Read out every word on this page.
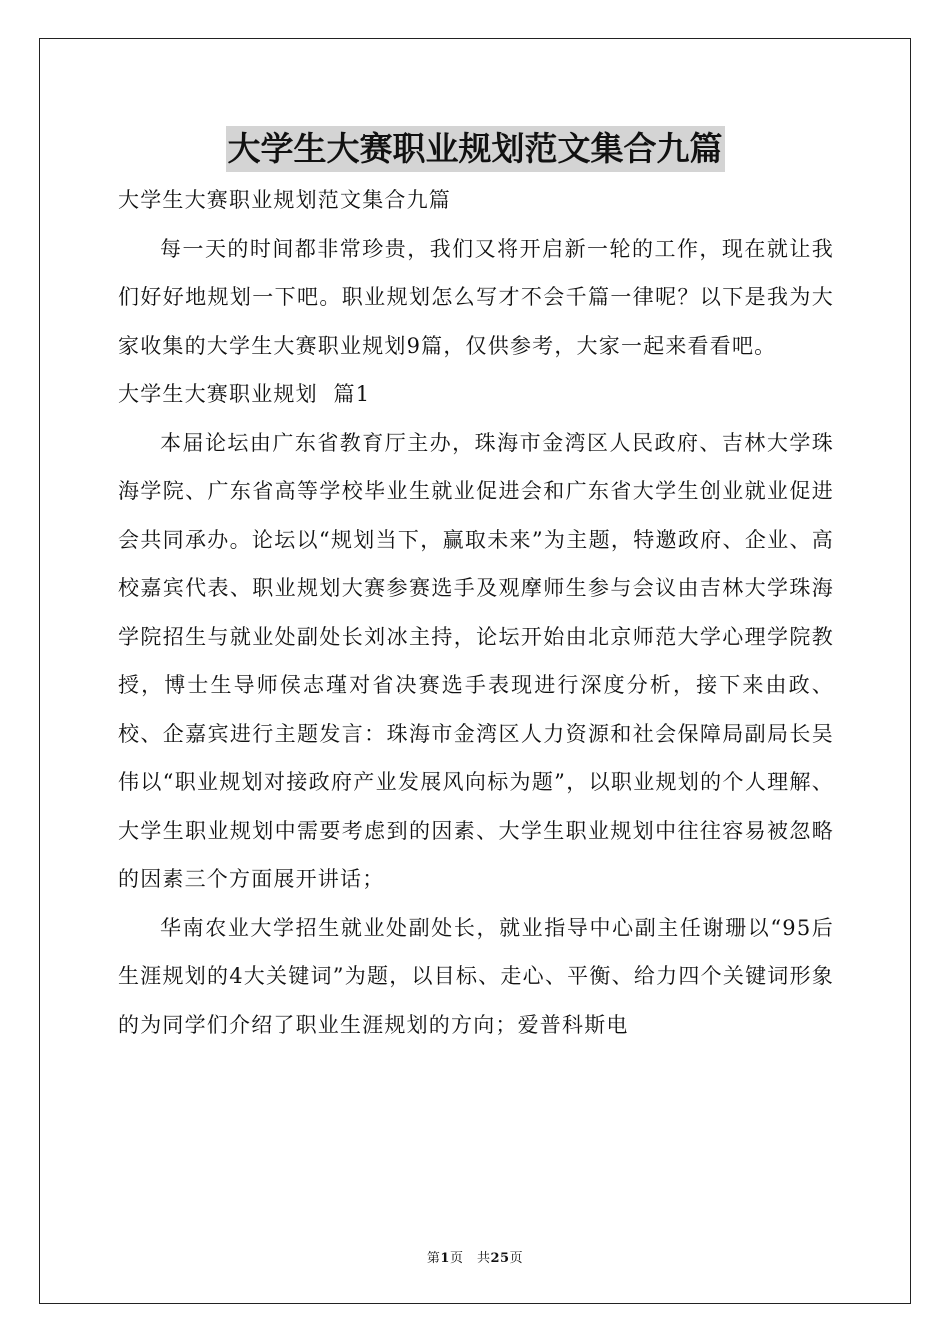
大学生大赛职业规划范文集合九篇

大学生大赛职业规划范文集合九篇

每一天的时间都非常珍贵，我们又将开启新一轮的工作，现在就让我们好好地规划一下吧。职业规划怎么写才不会千篇一律呢？以下是我为大家收集的大学生大赛职业规划9篇，仅供参考，大家一起来看看吧。

大学生大赛职业规划  篇1

本届论坛由广东省教育厅主办，珠海市金湾区人民政府、吉林大学珠海学院、广东省高等学校毕业生就业促进会和广东省大学生创业就业促进会共同承办。论坛以“规划当下，赢取未来”为主题，特邀政府、企业、高校嘉宾代表、职业规划大赛参赛选手及观摩师生参与会议由吉林大学珠海学院招生与就业处副处长刘冰主持，论坛开始由北京师范大学心理学院教授，博士生导师侯志瑾对省决赛选手表现进行深度分析，接下来由政、校、企嘉宾进行主题发言：珠海市金湾区人力资源和社会保障局副局长吴伟以“职业规划对接政府产业发展风向标为题”，以职业规划的个人理解、大学生职业规划中需要考虑到的因素、大学生职业规划中往往容易被忽略的因素三个方面展开讲话；

华南农业大学招生就业处副处长，就业指导中心副主任谢珊以“95后生涯规划的4大关键词”为题，以目标、走心、平衡、给力四个关键词形象的为同学们介绍了职业生涯规划的方向；爱普科斯电

第1页　共25页
